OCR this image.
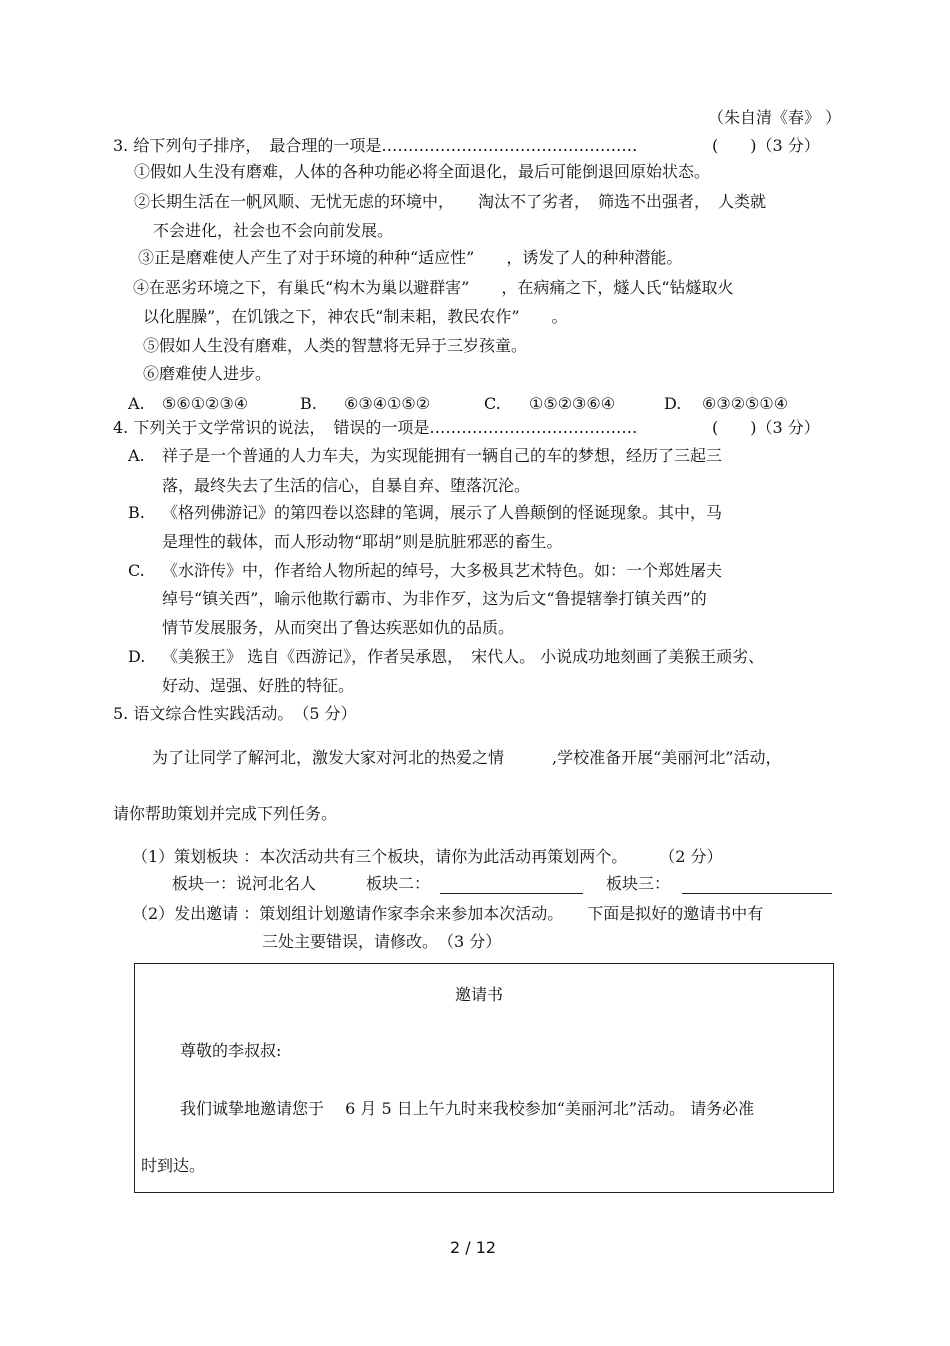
（朱自清《春》 ）
3. 给下列句子排序，　最合理的一项是…………………………………………	(　　)（3 分）
①假如人生没有磨难，人体的各种功能必将全面退化，最后可能倒退回原始状态。
②长期生活在一帆风顺、无忧无虑的环境中，　　淘汰不了劣者，　筛选不出强者，　人类就
不会进化，社会也不会向前发展。
③正是磨难使人产生了对于环境的种种“适应性”　　，诱发了人的种种潜能。
④在恶劣环境之下，有巢氏“构木为巢以避群害”　　，在病痛之下，燧人氏“钻燧取火
以化腥臊”，在饥饿之下，神农氏“制耒耜，教民农作”　　。
⑤假如人生没有磨难，人类的智慧将无异于三岁孩童。
⑥磨难使人进步。
A. ⑤⑥①②③④	B. ⑥③④①⑤②	C. ①⑤②③⑥④	D. ⑥③②⑤①④
4. 下列关于文学常识的说法，　错误的一项是…………………………………	(　　)（3 分）
A. 祥子是一个普通的人力车夫，为实现能拥有一辆自己的车的梦想，经历了三起三
落，最终失去了生活的信心，自暴自弃、堕落沉沦。
B. 《格列佛游记》的第四卷以恣肆的笔调，展示了人兽颠倒的怪诞现象。其中，马
是理性的载体，而人形动物“耶胡”则是肮脏邪恶的畜生。
C. 《水浒传》中，作者给人物所起的绰号，大多极具艺术特色。如：一个郑姓屠夫
绰号“镇关西”，喻示他欺行霸市、为非作歹，这为后文“鲁提辖拳打镇关西”的
情节发展服务，从而突出了鲁达疾恶如仇的品质。
D. 《美猴王》 选自《西游记》，作者吴承恩，　宋代人。 小说成功地刻画了美猴王顽劣、
好动、逞强、好胜的特征。
5. 语文综合性实践活动。　（5 分）
为了让同学了解河北，激发大家对河北的热爱之情　　　,学校准备开展“美丽河北”活动，
请你帮助策划并完成下列任务。
（1）策划板块 ：本次活动共有三个板块，请你为此活动再策划两个。　　　（2 分）
板块一：说河北名人	板块二：	板块三：
（2）发出邀请 ：策划组计划邀请作家李余来参加本次活动。　　下面是拟好的邀请书中有
三处主要错误，请修改。　（3 分）
邀请书
尊敬的李叔叔:
我们诚挚地邀请您于　 6 月 5 日上午九时来我校参加“美丽河北”活动。 请务必准
时到达。
2 / 12
